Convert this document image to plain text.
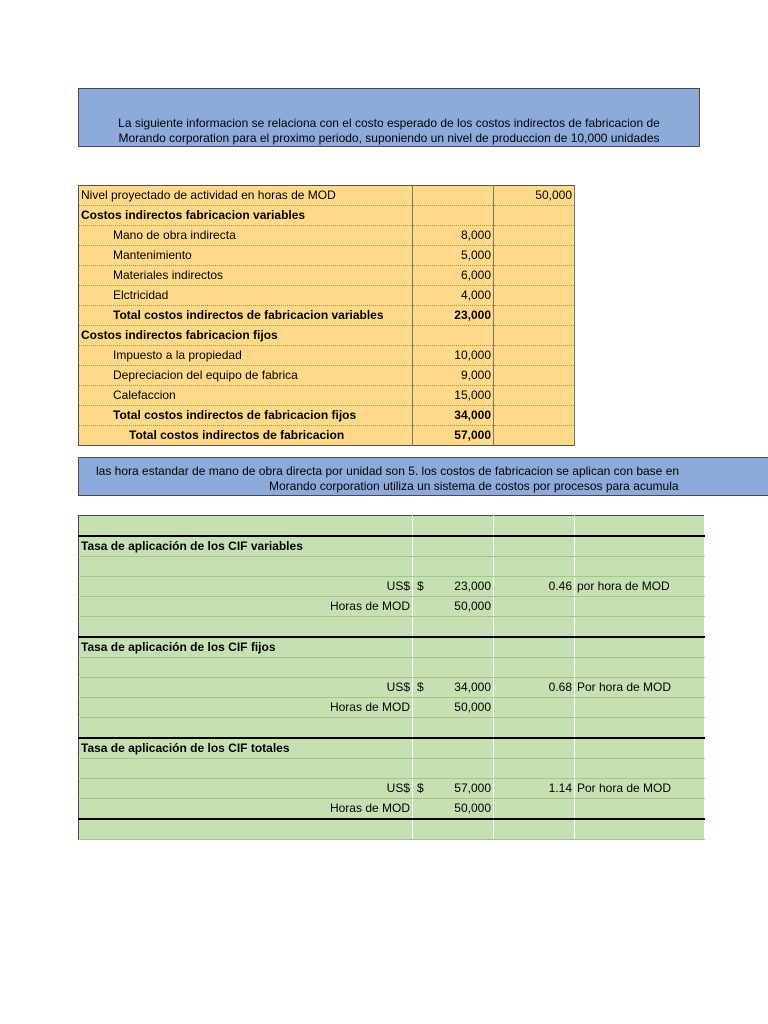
La siguiente informacion se relaciona con el costo esperado de los costos indirectos de fabricacion de
Morando corporation para el proximo periodo, suponiendo un nivel de produccion de 10,000 unidades
Nivel proyectado de actividad en horas de MOD		50,000
Costos indirectos fabricacion variables		
Mano de obra indirecta	8,000	
Mantenimiento	5,000	
Materiales indirectos	6,000	
Elctricidad	4,000	
Total costos indirectos de fabricacion variables	23,000	
Costos indirectos fabricacion fijos		
Impuesto a la propiedad	10,000	
Depreciacion del equipo de fabrica	9,000	
Calefaccion	15,000	
Total costos indirectos de fabricacion fijos	34,000	
Total costos indirectos de fabricacion	57,000	
las hora estandar de mano de obra directa por unidad son 5. los costos de fabricacion se aplican con base en
Morando corporation utiliza un sistema de costos por procesos para acumula

Tasa de aplicación de los CIF variables			

US$	$ 23,000	0.46	por hora de MOD
Horas de MOD	50,000		

Tasa de aplicación de los CIF fijos			

US$	$ 34,000	0.68	Por hora de MOD
Horas de MOD	50,000		

Tasa de aplicación de los CIF totales			

US$	$ 57,000	1.14	Por hora de MOD
Horas de MOD	50,000		
